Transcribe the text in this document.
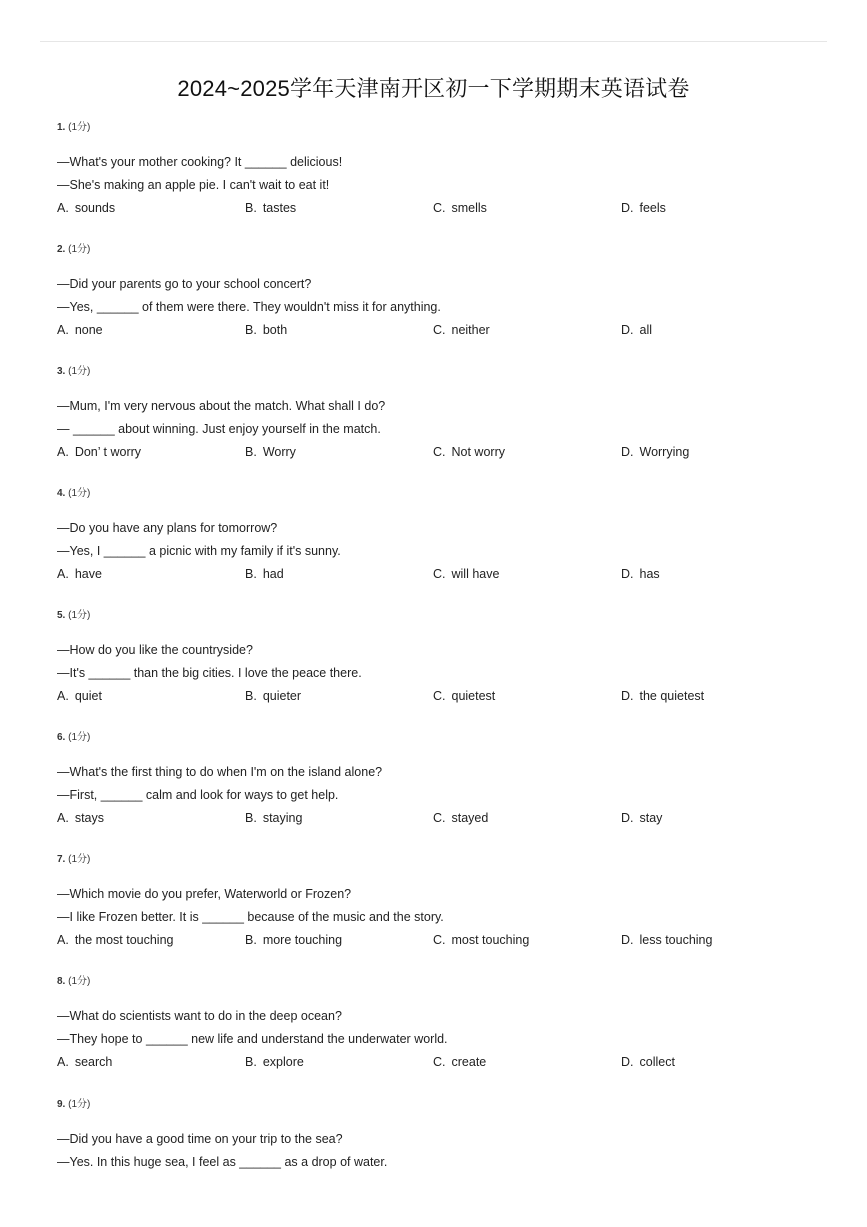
2024~2025学年天津南开区初一下学期期末英语试卷
1. (1分)
—What's your mother cooking? It ______ delicious!
—She's making an apple pie. I can't wait to eat it!
A. sounds	B. tastes	C. smells	D. feels
2. (1分)
—Did your parents go to your school concert?
—Yes, ______ of them were there. They wouldn't miss it for anything.
A. none	B. both	C. neither	D. all
3. (1分)
—Mum, I'm very nervous about the match. What shall I do?
— ______ about winning. Just enjoy yourself in the match.
A. Don’ t worry	B. Worry	C. Not worry	D. Worrying
4. (1分)
—Do you have any plans for tomorrow?
—Yes, I ______ a picnic with my family if it's sunny.
A. have	B. had	C. will have	D. has
5. (1分)
—How do you like the countryside?
—It's ______ than the big cities. I love the peace there.
A. quiet	B. quieter	C. quietest	D. the quietest
6. (1分)
—What's the first thing to do when I'm on the island alone?
—First, ______ calm and look for ways to get help.
A. stays	B. staying	C. stayed	D. stay
7. (1分)
—Which movie do you prefer, Waterworld or Frozen?
—I like Frozen better. It is ______ because of the music and the story.
A. the most touching	B. more touching	C. most touching	D. less touching
8. (1分)
—What do scientists want to do in the deep ocean?
—They hope to ______ new life and understand the underwater world.
A. search	B. explore	C. create	D. collect
9. (1分)
—Did you have a good time on your trip to the sea?
—Yes. In this huge sea, I feel as ______ as a drop of water.
